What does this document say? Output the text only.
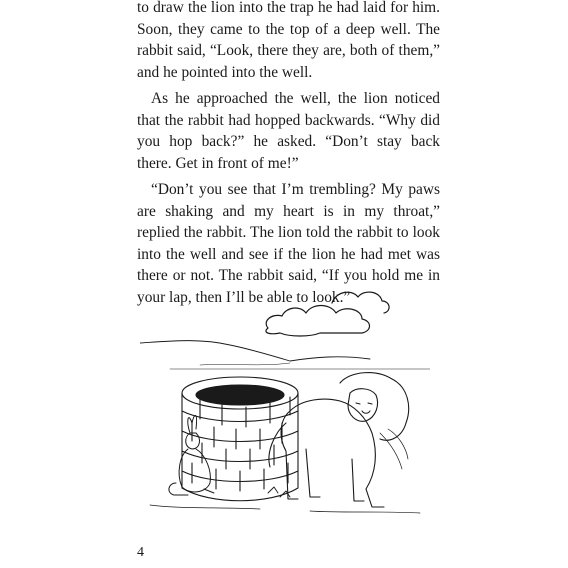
to draw the lion into the trap he had laid for him. Soon, they came to the top of a deep well. The rabbit said, “Look, there they are, both of them,” and he pointed into the well.

As he approached the well, the lion noticed that the rabbit had hopped backwards. “Why did you hop back?” he asked. “Don’t stay back there. Get in front of me!”

“Don’t you see that I’m trembling? My paws are shaking and my heart is in my throat,” replied the rabbit. The lion told the rabbit to look into the well and see if the lion he had met was there or not. The rabbit said, “If you hold me in your lap, then I’ll be able to look.”

4
